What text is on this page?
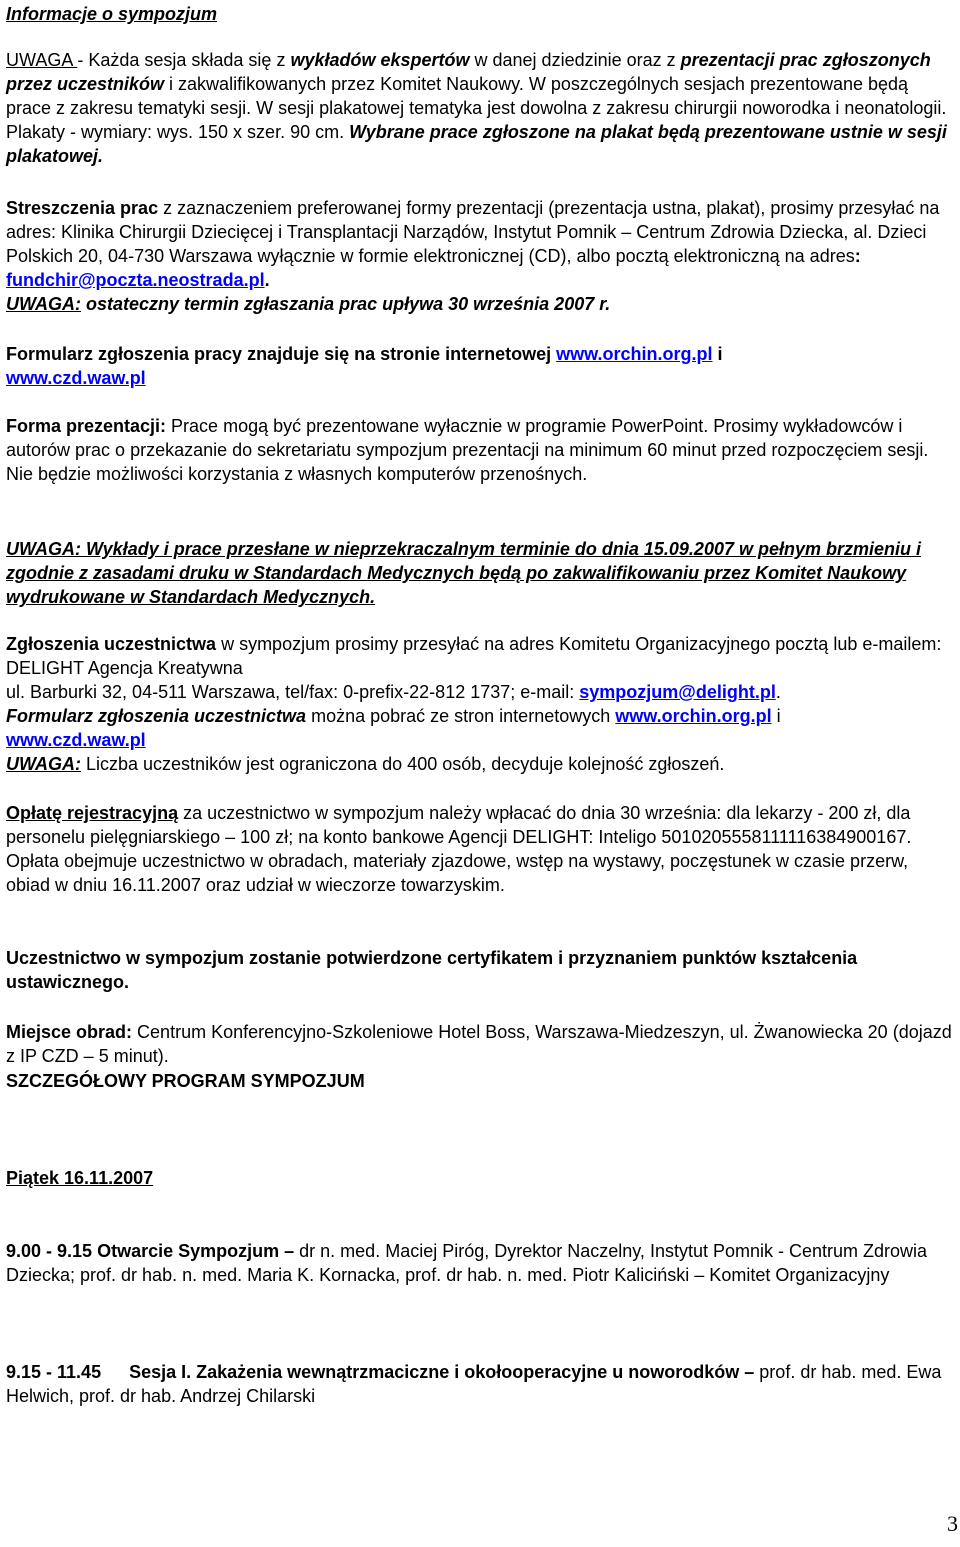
Informacje o sympozjum

UWAGA - Każda sesja składa się z wykładów ekspertów w danej dziedzinie oraz z prezentacji prac zgłoszonych przez uczestników i zakwalifikowanych przez Komitet Naukowy. W poszczególnych sesjach prezentowane będą prace z zakresu tematyki sesji. W sesji plakatowej tematyka jest dowolna z zakresu chirurgii noworodka i neonatologii. Plakaty - wymiary: wys. 150 x szer. 90 cm. Wybrane prace zgłoszone na plakat będą prezentowane ustnie w sesji plakatowej.

Streszczenia prac z zaznaczeniem preferowanej formy prezentacji (prezentacja ustna, plakat), prosimy przesyłać na adres: Klinika Chirurgii Dziecięcej i Transplantacji Narządów, Instytut Pomnik – Centrum Zdrowia Dziecka, al. Dzieci Polskich 20, 04-730 Warszawa wyłącznie w formie elektronicznej (CD), albo pocztą elektroniczną na adres: fundchir@poczta.neostrada.pl.
UWAGA: ostateczny termin zgłaszania prac upływa 30 września 2007 r.

Formularz zgłoszenia pracy znajduje się na stronie internetowej www.orchin.org.pl i
www.czd.waw.pl

Forma prezentacji: Prace mogą być prezentowane wyłacznie w programie PowerPoint. Prosimy wykładowców i autorów prac o przekazanie do sekretariatu sympozjum prezentacji na minimum 60 minut przed rozpoczęciem sesji. Nie będzie możliwości korzystania z własnych komputerów przenośnych.

UWAGA: Wykłady i prace przesłane w nieprzekraczalnym terminie do dnia 15.09.2007 w pełnym brzmieniu i zgodnie z zasadami druku w Standardach Medycznych będą po zakwalifikowaniu przez Komitet Naukowy wydrukowane w Standardach Medycznych.

Zgłoszenia uczestnictwa w sympozjum prosimy przesyłać na adres Komitetu Organizacyjnego pocztą lub e-mailem: DELIGHT Agencja Kreatywna
ul. Barburki 32, 04-511 Warszawa, tel/fax: 0-prefix-22-812 1737; e-mail: sympozjum@delight.pl.
Formularz zgłoszenia uczestnictwa można pobrać ze stron internetowych www.orchin.org.pl i
www.czd.waw.pl
UWAGA: Liczba uczestników jest ograniczona do 400 osób, decyduje kolejność zgłoszeń.

Opłatę rejestracyjną za uczestnictwo w sympozjum należy wpłacać do dnia 30 września: dla lekarzy - 200 zł, dla personelu pielęgniarskiego – 100 zł; na konto bankowe Agencji DELIGHT: Inteligo 5010205558111116384900167. Opłata obejmuje uczestnictwo w obradach, materiały zjazdowe, wstęp na wystawy, poczęstunek w czasie przerw, obiad w dniu 16.11.2007 oraz udział w wieczorze towarzyskim.

Uczestnictwo w sympozjum zostanie potwierdzone certyfikatem i przyznaniem punktów kształcenia ustawicznego.

Miejsce obrad: Centrum Konferencyjno-Szkoleniowe Hotel Boss, Warszawa-Miedzeszyn, ul. Żwanowiecka 20 (dojazd z IP CZD – 5 minut).

SZCZEGÓŁOWY PROGRAM SYMPOZJUM

Piątek 16.11.2007

9.00 - 9.15 Otwarcie Sympozjum – dr n. med. Maciej Piróg, Dyrektor Naczelny, Instytut Pomnik - Centrum Zdrowia Dziecka; prof. dr hab. n. med. Maria K. Kornacka, prof. dr hab. n. med. Piotr Kaliciński – Komitet Organizacyjny

9.15 - 11.45 Sesja I. Zakażenia wewnątrzmaciczne i okołooperacyjne u noworodków – prof. dr hab. med. Ewa Helwich, prof. dr hab. Andrzej Chilarski

3
